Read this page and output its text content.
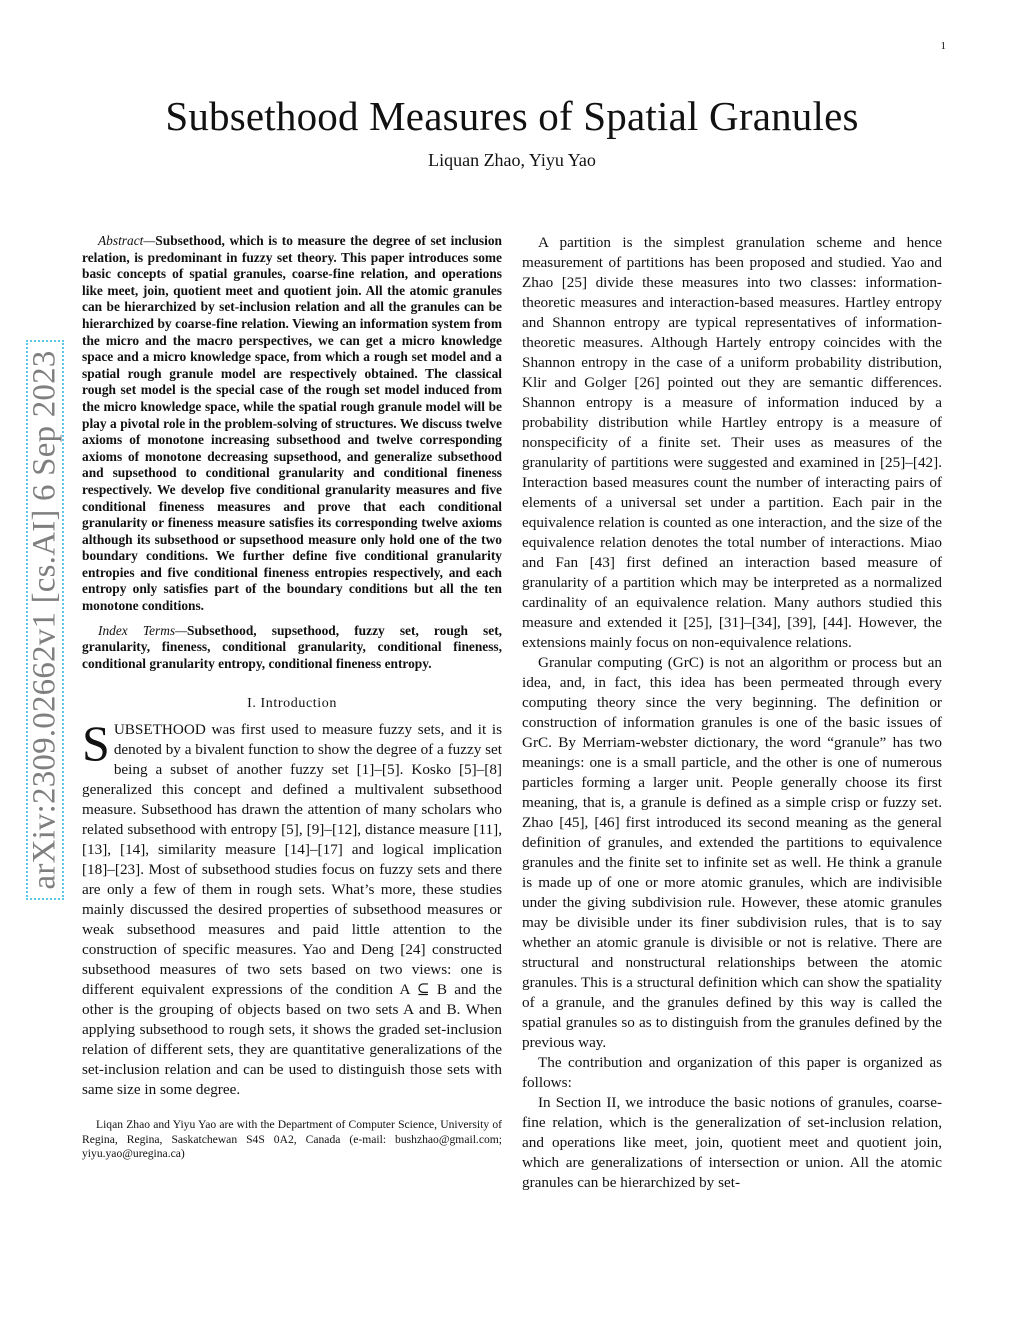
1
arXiv:2309.02662v1 [cs.AI] 6 Sep 2023
Subsethood Measures of Spatial Granules
Liquan Zhao, Yiyu Yao

Abstract—Subsethood, which is to measure the degree of set inclusion relation, is predominant in fuzzy set theory. This paper introduces some basic concepts of spatial granules, coarse-fine relation, and operations like meet, join, quotient meet and quotient join. All the atomic granules can be hierarchized by set-inclusion relation and all the granules can be hierarchized by coarse-fine relation. Viewing an information system from the micro and the macro perspectives, we can get a micro knowledge space and a micro knowledge space, from which a rough set model and a spatial rough granule model are respectively obtained. The classical rough set model is the special case of the rough set model induced from the micro knowledge space, while the spatial rough granule model will be play a pivotal role in the problem-solving of structures. We discuss twelve axioms of monotone increasing subsethood and twelve corresponding axioms of monotone decreasing supsethood, and generalize subsethood and supsethood to conditional granularity and conditional fineness respectively. We develop five conditional granularity measures and five conditional fineness measures and prove that each conditional granularity or fineness measure satisfies its corresponding twelve axioms although its subsethood or supsethood measure only hold one of the two boundary conditions. We further define five conditional granularity entropies and five conditional fineness entropies respectively, and each entropy only satisfies part of the boundary conditions but all the ten monotone conditions.

Index Terms—Subsethood, supsethood, fuzzy set, rough set, granularity, fineness, conditional granularity, conditional fineness, conditional granularity entropy, conditional fineness entropy.

I. Introduction

SUBSETHOOD was first used to measure fuzzy sets, and it is denoted by a bivalent function to show the degree of a fuzzy set being a subset of another fuzzy set [1]–[5]. Kosko [5]–[8] generalized this concept and defined a multivalent subsethood measure. Subsethood has drawn the attention of many scholars who related subsethood with entropy [5], [9]–[12], distance measure [11], [13], [14], similarity measure [14]–[17] and logical implication [18]–[23]. Most of subsethood studies focus on fuzzy sets and there are only a few of them in rough sets. What’s more, these studies mainly discussed the desired properties of subsethood measures or weak subsethood measures and paid little attention to the construction of specific measures. Yao and Deng [24] constructed subsethood measures of two sets based on two views: one is different equivalent expressions of the condition A ⊆ B and the other is the grouping of objects based on two sets A and B. When applying subsethood to rough sets, it shows the graded set-inclusion relation of different sets, they are quantitative generalizations of the set-inclusion relation and can be used to distinguish those sets with same size in some degree.

Liqan Zhao and Yiyu Yao are with the Department of Computer Science, University of Regina, Regina, Saskatchewan S4S 0A2, Canada (e-mail: bushzhao@gmail.com; yiyu.yao@uregina.ca)

A partition is the simplest granulation scheme and hence measurement of partitions has been proposed and studied. Yao and Zhao [25] divide these measures into two classes: information-theoretic measures and interaction-based measures. Hartley entropy and Shannon entropy are typical representatives of information-theoretic measures. Although Hartely entropy coincides with the Shannon entropy in the case of a uniform probability distribution, Klir and Golger [26] pointed out they are semantic differences. Shannon entropy is a measure of information induced by a probability distribution while Hartley entropy is a measure of nonspecificity of a finite set. Their uses as measures of the granularity of partitions were suggested and examined in [25]–[42]. Interaction based measures count the number of interacting pairs of elements of a universal set under a partition. Each pair in the equivalence relation is counted as one interaction, and the size of the equivalence relation denotes the total number of interactions. Miao and Fan [43] first defined an interaction based measure of granularity of a partition which may be interpreted as a normalized cardinality of an equivalence relation. Many authors studied this measure and extended it [25], [31]–[34], [39], [44]. However, the extensions mainly focus on non-equivalence relations.

Granular computing (GrC) is not an algorithm or process but an idea, and, in fact, this idea has been permeated through every computing theory since the very beginning. The definition or construction of information granules is one of the basic issues of GrC. By Merriam-webster dictionary, the word “granule” has two meanings: one is a small particle, and the other is one of numerous particles forming a larger unit. People generally choose its first meaning, that is, a granule is defined as a simple crisp or fuzzy set. Zhao [45], [46] first introduced its second meaning as the general definition of granules, and extended the partitions to equivalence granules and the finite set to infinite set as well. He think a granule is made up of one or more atomic granules, which are indivisible under the giving subdivision rule. However, these atomic granules may be divisible under its finer subdivision rules, that is to say whether an atomic granule is divisible or not is relative. There are structural and nonstructural relationships between the atomic granules. This is a structural definition which can show the spatiality of a granule, and the granules defined by this way is called the spatial granules so as to distinguish from the granules defined by the previous way.

The contribution and organization of this paper is organized as follows:

In Section II, we introduce the basic notions of granules, coarse-fine relation, which is the generalization of set-inclusion relation, and operations like meet, join, quotient meet and quotient join, which are generalizations of intersection or union. All the atomic granules can be hierarchized by set-
